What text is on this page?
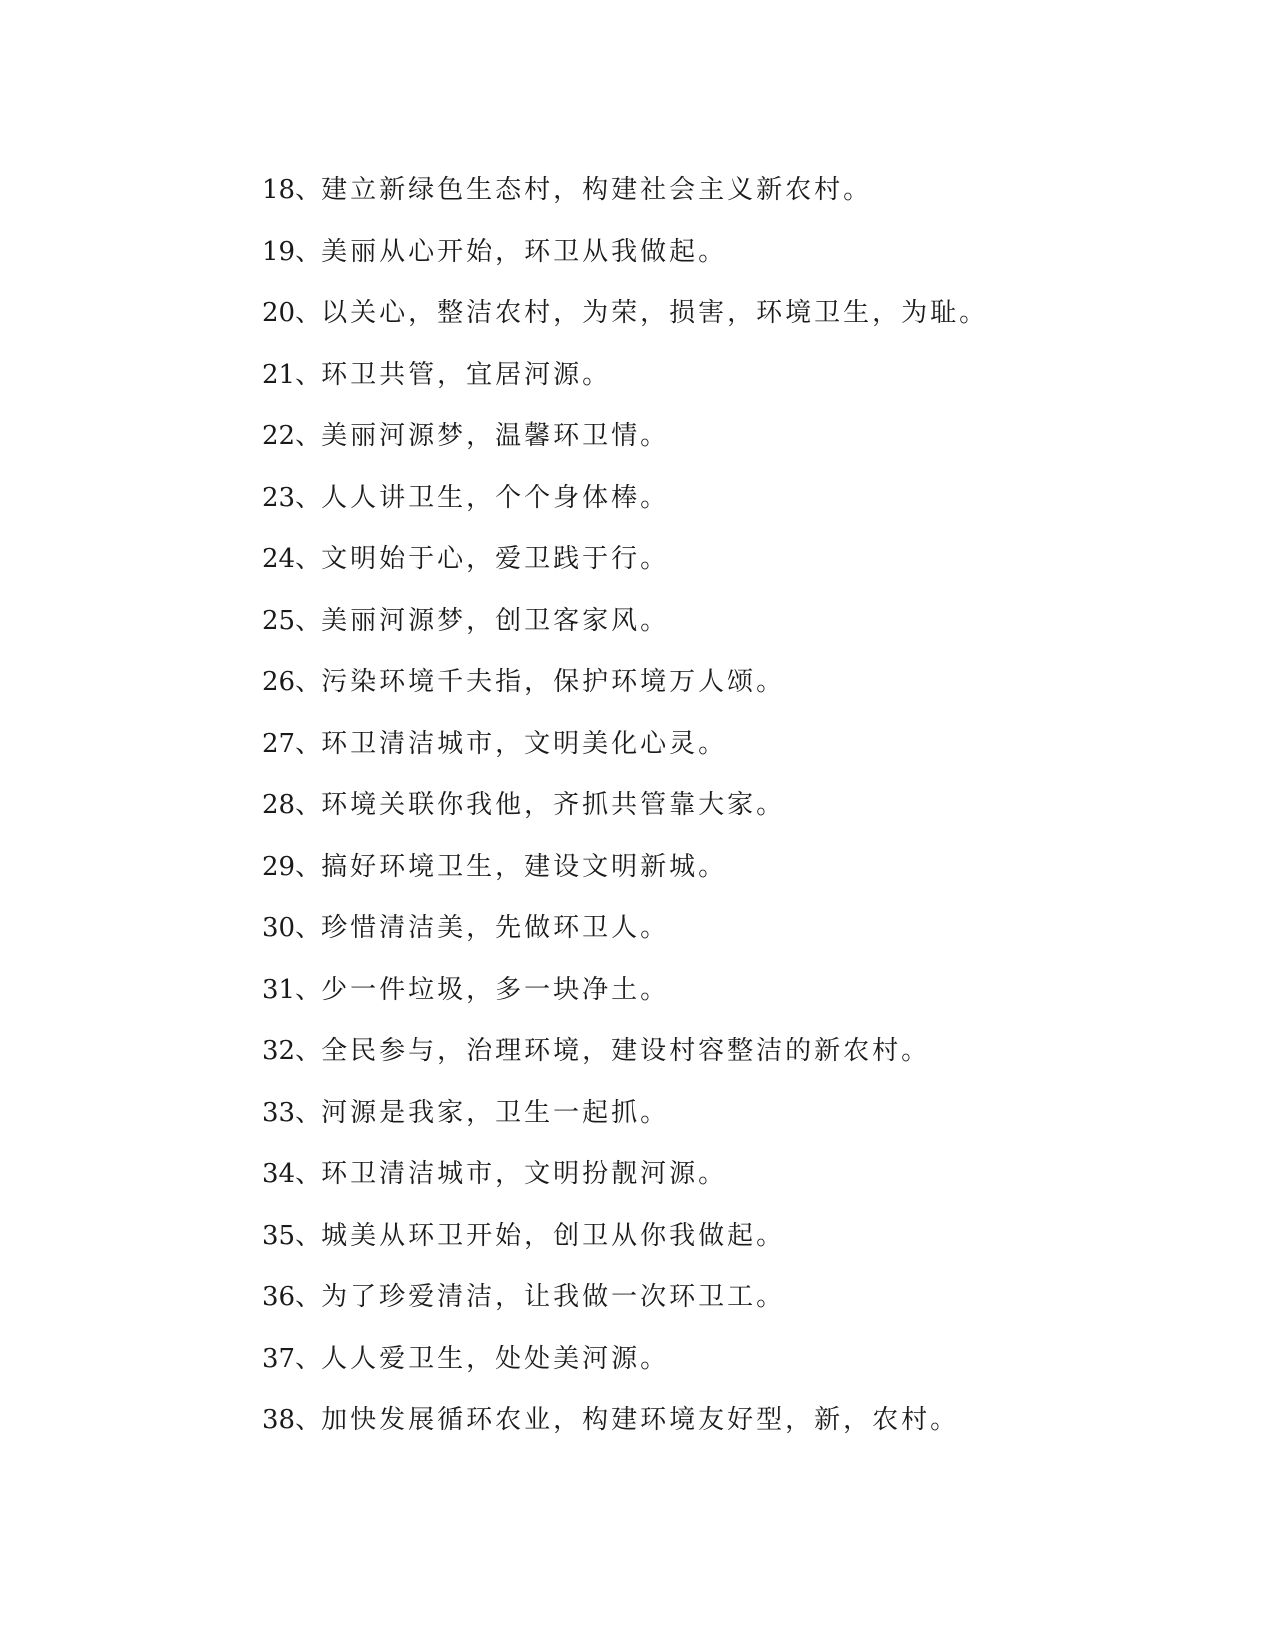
18、建立新绿色生态村，构建社会主义新农村。
19、美丽从心开始，环卫从我做起。
20、以关心，整洁农村，为荣，损害，环境卫生，为耻。
21、环卫共管，宜居河源。
22、美丽河源梦，温馨环卫情。
23、人人讲卫生，个个身体棒。
24、文明始于心，爱卫践于行。
25、美丽河源梦，创卫客家风。
26、污染环境千夫指，保护环境万人颂。
27、环卫清洁城市，文明美化心灵。
28、环境关联你我他，齐抓共管靠大家。
29、搞好环境卫生，建设文明新城。
30、珍惜清洁美，先做环卫人。
31、少一件垃圾，多一块净土。
32、全民参与，治理环境，建设村容整洁的新农村。
33、河源是我家，卫生一起抓。
34、环卫清洁城市，文明扮靓河源。
35、城美从环卫开始，创卫从你我做起。
36、为了珍爱清洁，让我做一次环卫工。
37、人人爱卫生，处处美河源。
38、加快发展循环农业，构建环境友好型，新，农村。
